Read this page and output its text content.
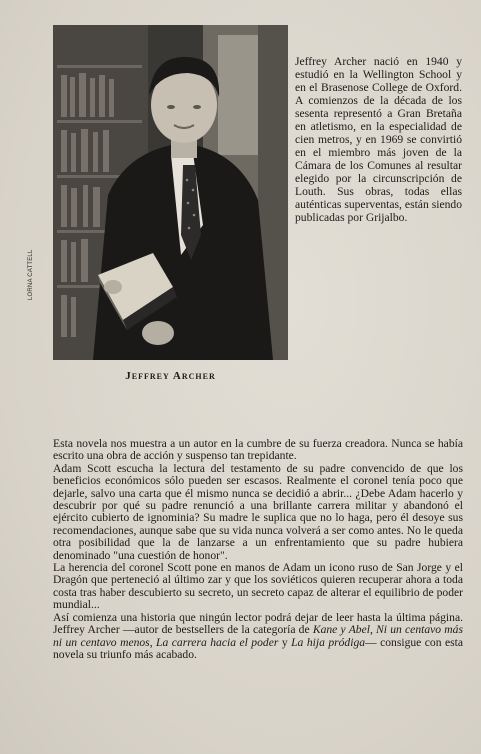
LORNA CATTELL
Jeffrey Archer

Jeffrey Archer nació en 1940 y estudió en la Wellington School y en el Brasenose College de Oxford. A comienzos de la década de los sesenta representó a Gran Bretaña en atletismo, en la especialidad de cien metros, y en 1969 se convirtió en el miembro más joven de la Cámara de los Comunes al resultar elegido por la circunscripción de Louth. Sus obras, todas ellas auténticas superventas, están siendo publicadas por Grijalbo.

Esta novela nos muestra a un autor en la cumbre de su fuerza creadora. Nunca se había escrito una obra de acción y suspenso tan trepidante.

Adam Scott escucha la lectura del testamento de su padre convencido de que los beneficios económicos sólo pueden ser escasos. Realmente el coronel tenía poco que dejarle, salvo una carta que él mismo nunca se decidió a abrir... ¿Debe Adam hacerlo y descubrir por qué su padre renunció a una brillante carrera militar y abandonó el ejército cubierto de ignominia? Su madre le suplica que no lo haga, pero él desoye sus recomendaciones, aunque sabe que su vida nunca volverá a ser como antes. No le queda otra posibilidad que la de lanzarse a un enfrentamiento que su padre hubiera denominado "una cuestión de honor".

La herencia del coronel Scott pone en manos de Adam un icono ruso de San Jorge y el Dragón que perteneció al último zar y que los soviéticos quieren recuperar ahora a toda costa tras haber descubierto su secreto, un secreto capaz de alterar el equilibrio de poder mundial...

Así comienza una historia que ningún lector podrá dejar de leer hasta la última página. Jeffrey Archer —autor de bestsellers de la categoría de Kane y Abel, Ni un centavo más ni un centavo menos, La carrera hacia el poder y La hija pródiga— consigue con esta novela su triunfo más acabado.
